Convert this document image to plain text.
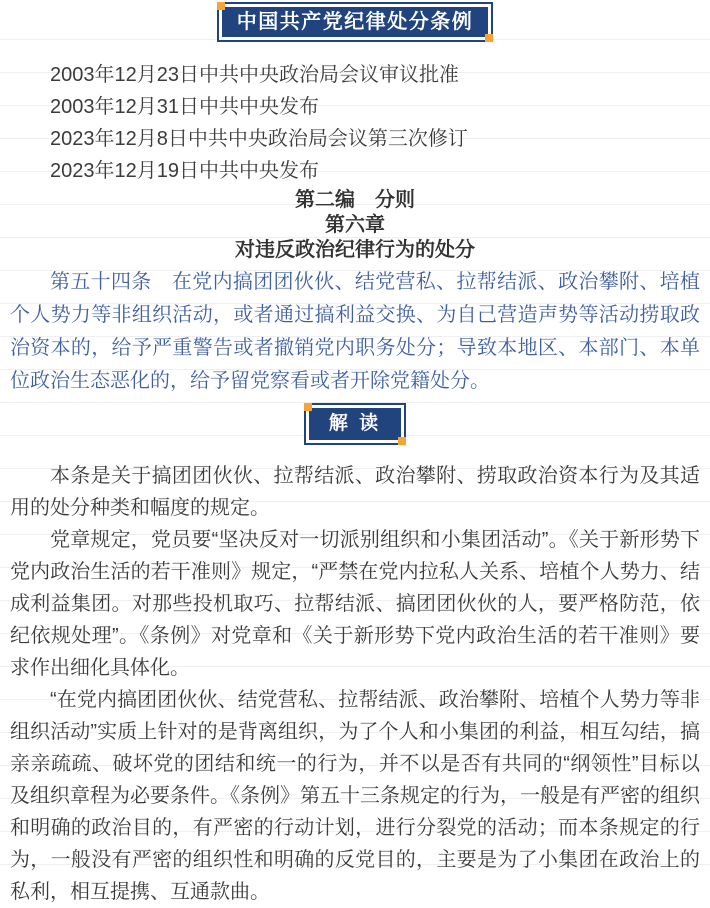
中国共产党纪律处分条例
2003年12月23日中共中央政治局会议审议批准
2003年12月31日中共中央发布
2023年12月8日中共中央政治局会议第三次修订
2023年12月19日中共中央发布
第二编　分则
第六章
对违反政治纪律行为的处分

第五十四条　在党内搞团团伙伙、结党营私、拉帮结派、政治攀附、培植个人势力等非组织活动，或者通过搞利益交换、为自己营造声势等活动捞取政治资本的，给予严重警告或者撤销党内职务处分；导致本地区、本部门、本单位政治生态恶化的，给予留党察看或者开除党籍处分。

解 读

本条是关于搞团团伙伙、拉帮结派、政治攀附、捞取政治资本行为及其适用的处分种类和幅度的规定。

党章规定，党员要“坚决反对一切派别组织和小集团活动”。《关于新形势下党内政治生活的若干准则》规定，“严禁在党内拉私人关系、培植个人势力、结成利益集团。对那些投机取巧、拉帮结派、搞团团伙伙的人，要严格防范，依纪依规处理”。《条例》对党章和《关于新形势下党内政治生活的若干准则》要求作出细化具体化。

“在党内搞团团伙伙、结党营私、拉帮结派、政治攀附、培植个人势力等非组织活动”实质上针对的是背离组织，为了个人和小集团的利益，相互勾结，搞亲亲疏疏、破坏党的团结和统一的行为，并不以是否有共同的“纲领性”目标以及组织章程为必要条件。《条例》第五十三条规定的行为，一般是有严密的组织和明确的政治目的，有严密的行动计划，进行分裂党的活动；而本条规定的行为，一般没有严密的组织性和明确的反党目的，主要是为了小集团在政治上的私利，相互提携、互通款曲。
